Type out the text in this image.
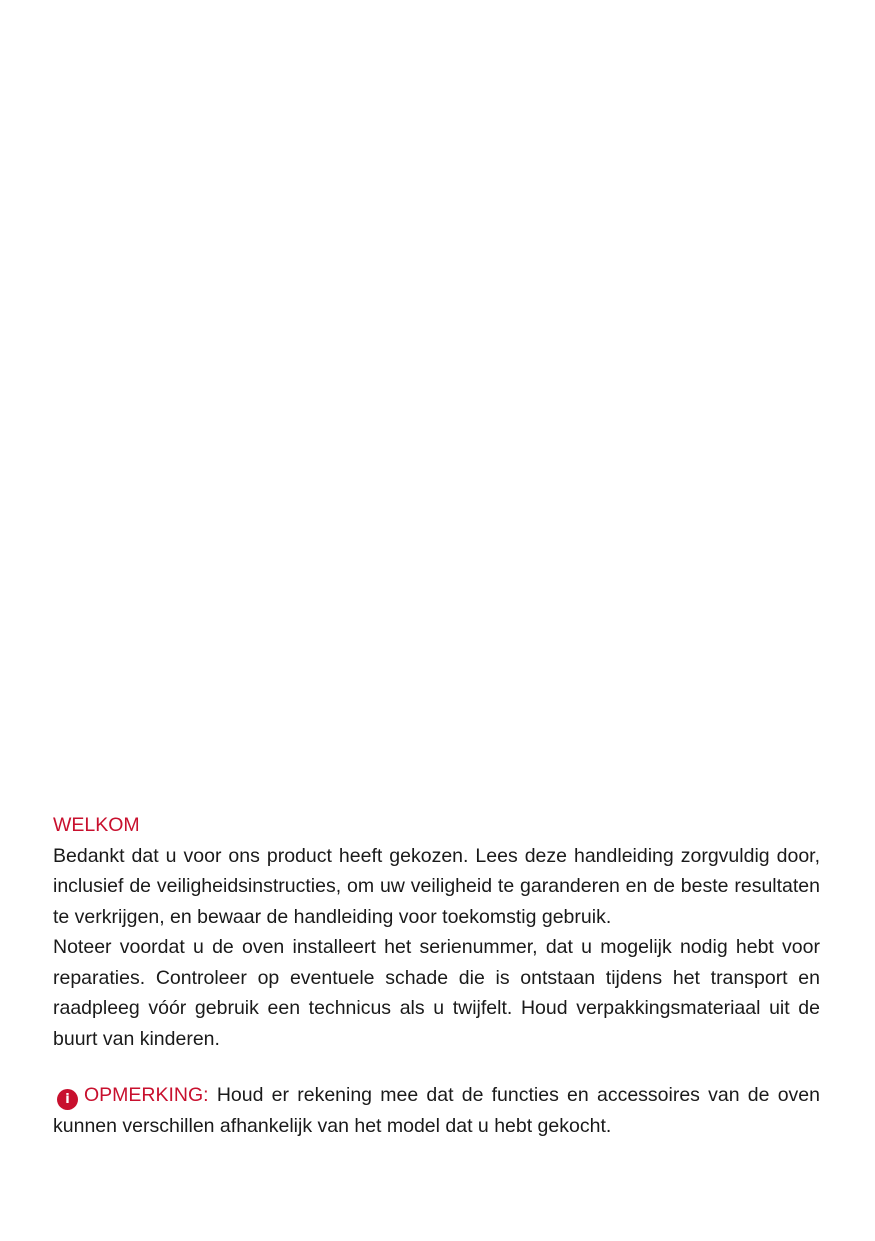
WELKOM

Bedankt dat u voor ons product heeft gekozen. Lees deze handleiding zorgvuldig door, inclusief de veiligheidsinstructies, om uw veiligheid te garanderen en de beste resultaten te verkrijgen, en bewaar de handleiding voor toekomstig gebruik.

Noteer voordat u de oven installeert het serienummer, dat u mogelijk nodig hebt voor reparaties. Controleer op eventuele schade die is ontstaan tijdens het transport en raadpleeg vóór gebruik een technicus als u twijfelt. Houd verpakkingsmateriaal uit de buurt van kinderen.

i OPMERKING: Houd er rekening mee dat de functies en accessoires van de oven kunnen verschillen afhankelijk van het model dat u hebt gekocht.
